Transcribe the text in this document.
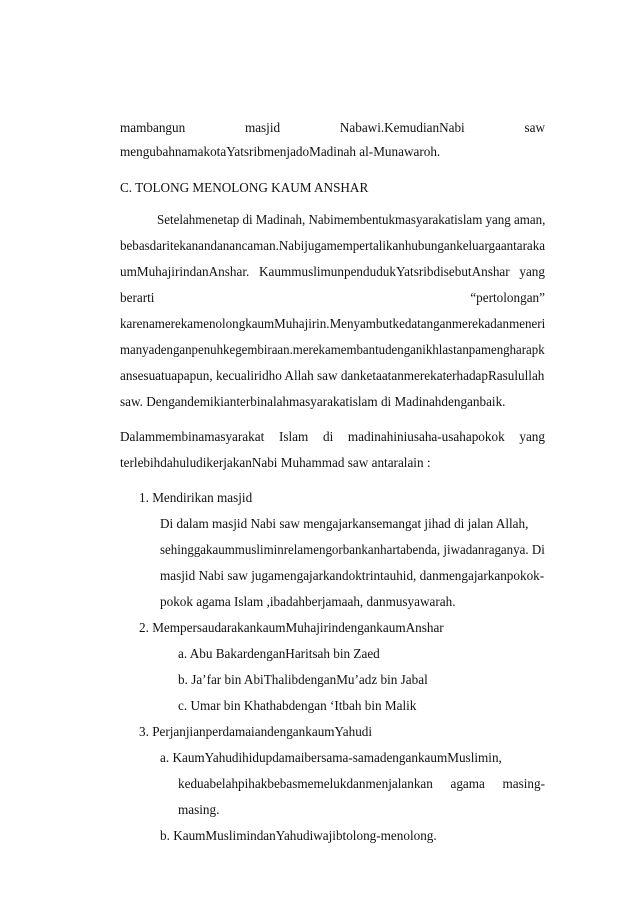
mambangun	masjid	Nabawi.KemudianNabi	saw
mengubahnamakotaYatsribmenjadoMadinah al-Munawaroh.
C. TOLONG MENOLONG KAUM ANSHAR
Setelahmenetap di Madinah, Nabimembentukmasyarakatislam yang aman,
bebasdaritekanandanancaman.Nabijugamempertalikanhubungankeluargaantaraka
umMuhajirindanAnshar. KaummuslimunpendudukYatsribdisebutAnshar yang
berarti	“pertolongan”
karenamerekamenolongkaumMuhajirin.Menyambutkedatanganmerekadanmeneri
manyadenganpenuhkegembiraan.merekamembantudenganikhlastanpamengharapk
ansesuatuapapun, kecualiridho Allah saw danketaatanmerekaterhadapRasulullah
saw. Dengandemikianterbinalahmasyarakatislam di Madinahdenganbaik.
Dalammembinamasyarakat Islam di madinahiniusaha-usahapokok yang
terlebihdahuludikerjakanNabi Muhammad saw antaralain :
1. Mendirikan masjid
Di dalam masjid Nabi saw mengajarkansemangat jihad di jalan Allah,
sehinggakaummusliminrelamengorbankanhartabenda, jiwadanraganya. Di
masjid Nabi saw jugamengajarkandoktrintauhid, danmengajarkanpokok-
pokok agama Islam ,ibadahberjamaah, danmusyawarah.
2. MempersaudarakankaumMuhajirindengankaumAnshar
a. Abu BakardenganHaritsah bin Zaed
b. Ja’far bin AbiThalibdenganMu’adz bin Jabal
c. Umar bin Khathabdengan ‘Itbah bin Malik
3. PerjanjianperdamaiandengankaumYahudi
a. KaumYahudihidupdamaibersama-samadengankaumMuslimin,
keduabelahpihakbebasmemelukdanmenjalankan agama masing-
masing.
b. KaumMuslimindanYahudiwajibtolong-menolong.
